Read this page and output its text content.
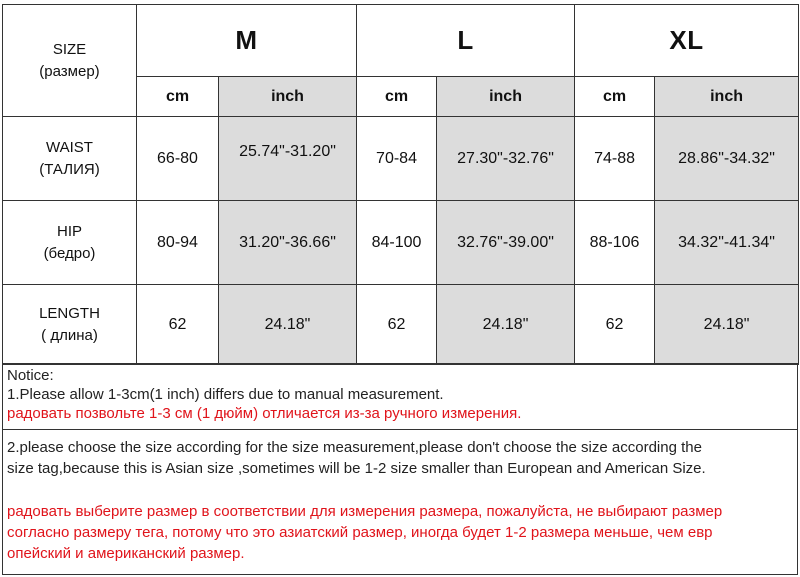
SIZE
(размер)	M		L		XL	
	cm	inch	cm	inch	cm	inch

WAIST
(ТАЛИЯ)	66-80	25.74"-31.20"	70-84	27.30"-32.76"	74-88	28.86"-34.32"

HIP
(бедро)	80-94	31.20"-36.66"	84-100	32.76"-39.00"	88-106	34.32"-41.34"

LENGTH
( длина)	62	24.18"	62	24.18"	62	24.18"
Notice:
1.Please allow 1-3cm(1 inch) differs due to manual measurement.
радовать позвольте 1-3 см (1 дюйм) отличается из-за ручного измерения.
2.please choose the size according for the size measurement,please don't choose the size according the
size tag,because this is Asian size ,sometimes will be 1-2 size smaller than European and American Size.
радовать выберите размер в соответствии для измерения размера, пожалуйста, не выбирают размер
согласно размеру тега, потому что это азиатский размер, иногда будет 1-2 размера меньше, чем евр
опейский и американский размер.
